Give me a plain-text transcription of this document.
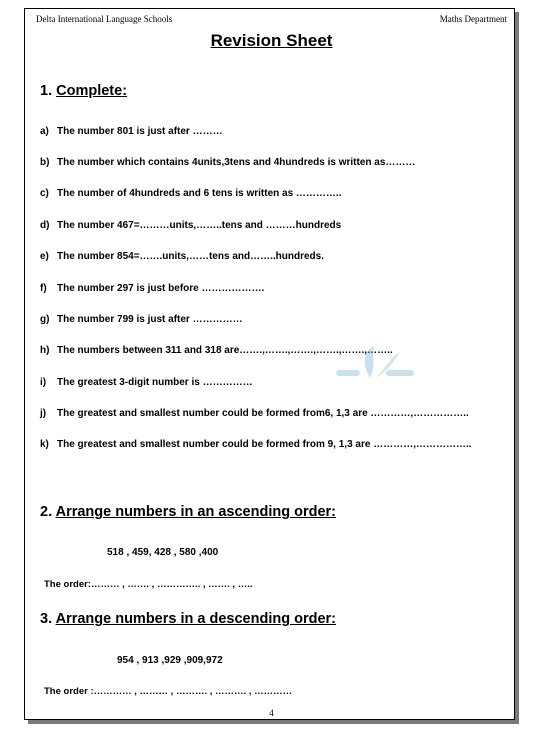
Delta International Language Schools	Maths Department
Revision Sheet
1. Complete:
a) The number 801 is just after ………
b) The number which contains 4units,3tens and 4hundreds is written as………
c) The number of 4hundreds and 6 tens is written as …………..
d) The number 467=………units,……..tens and ………hundreds
e) The number 854=…….units,……tens and……..hundreds.
f) The number 297 is just before ……………….
g) The number 799 is just after ……………
h) The numbers between 311 and 318 are…….,…….,…….,…….,…….,……..
i) The greatest 3-digit number is ……………
j) The greatest and smallest number could be formed from6, 1,3 are …………,……………..
k) The greatest and smallest number could be formed from 9, 1,3 are …………,……………..
2. Arrange numbers in an ascending order:
518 , 459, 428 , 580 ,400
The order:……… , ……. , ………….. , ……. , …..
3. Arrange numbers in a descending order:
954 , 913 ,929 ,909,972
The order :………… , ……… , ………. , ………. , …………
4
